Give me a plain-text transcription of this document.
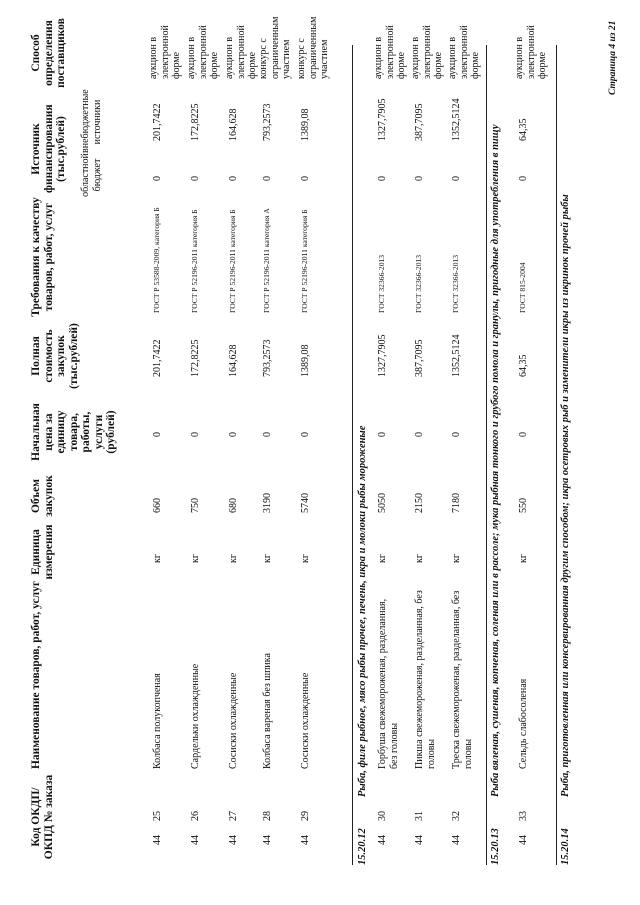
Код ОКДП/ ОКПД № заказа
Наименование товаров, работ, услуг
Единица измерения
Объем закупок
Начальная цена за единицу товара, работы, услуги (рублей)
Полная стоимость закупок (тыс.рублей)
Требования к качеству товаров, работ, услуг
Источник финансирования (тыс.рублей) областной бюджет
внебюджетные источники
Способ определения поставщиков
44
25
Колбаса полукопченая
кг
660
0
201,7422
ГОСТ Р 53588-2009, категория Б
0
201,7422
аукцион в электронной форме
44
26
Сардельки охлажденные
кг
750
0
172,8225
ГОСТ Р 52196-2011 категория Б
0
172,8225
аукцион в электронной форме
44
27
Сосиски охлажденные
кг
680
0
164,628
ГОСТ Р 52196-2011 категория Б
0
164,628
аукцион в электронной форме
44
28
Колбаса вареная без шпика
кг
3190
0
793,2573
ГОСТ Р 52196-2011 категория А
0
793,2573
конкурс с ограниченным участием
44
29
Сосиски охлажденные
кг
5740
0
1389,08
ГОСТ Р 52196-2011 категория Б
0
1389,08
конкурс с ограниченным участием
44
30
Горбуша свежемороженая, разделанная, без головы
кг
5050
0
1327,7905
ГОСТ 32366-2013
0
1327,7905
аукцион в электронной форме
44
31
Пикша свежемороженая, разделанная, без головы
кг
2150
0
387,7095
ГОСТ 32366-2013
0
387,7095
аукцион в электронной форме
44
32
Треска свежемороженая, разделанная, без головы
кг
7180
0
1352,5124
ГОСТ 32366-2013
0
1352,5124
аукцион в электронной форме
44
33
Сельдь слабосоленая
кг
550
0
64,35
ГОСТ 815-2004
0
64,35
аукцион в электронной форме
15.20.12
Рыба, филе рыбное, мясо рыбы прочее, печень, икра и молоки рыбы мороженые
15.20.13
Рыба вяленая, сушеная, копченая, соленая или в рассоле; мука рыбная тонкого и грубого помола и гранулы, пригодные для употребления в пищу
15.20.14
Рыба, приготовленная или консервированная другим способом; икра осетровых рыб и заменители икры из икринок прочей рыбы
Страница 4 из 21
